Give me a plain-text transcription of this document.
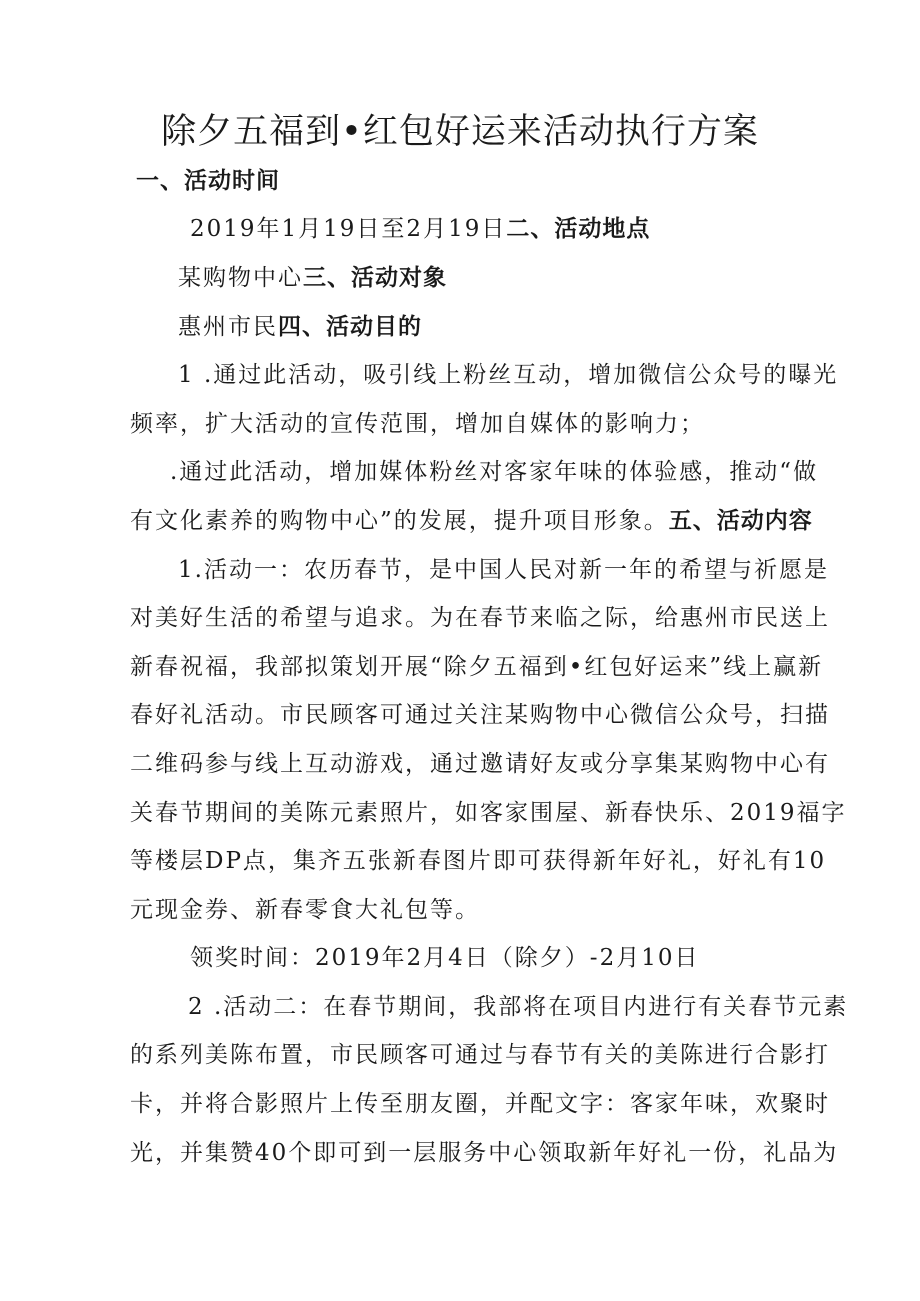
除夕五福到•红包好运来活动执行方案
一、活动时间
2019年1月19日至2月19日二、活动地点
某购物中心三、活动对象
惠州市民四、活动目的
1 .通过此活动，吸引线上粉丝互动，增加微信公众号的曝光
频率，扩大活动的宣传范围，增加自媒体的影响力；
.通过此活动，增加媒体粉丝对客家年味的体验感，推动“做
有文化素养的购物中心”的发展，提升项目形象。五、活动内容
1.活动一：农历春节，是中国人民对新一年的希望与祈愿是
对美好生活的希望与追求。为在春节来临之际，给惠州市民送上
新春祝福，我部拟策划开展“除夕五福到•红包好运来”线上赢新
春好礼活动。市民顾客可通过关注某购物中心微信公众号，扫描
二维码参与线上互动游戏，通过邀请好友或分享集某购物中心有
关春节期间的美陈元素照片，如客家围屋、新春快乐、2019福字
等楼层DP点，集齐五张新春图片即可获得新年好礼，好礼有10
元现金券、新春零食大礼包等。
领奖时间：2019年2月4日（除夕）-2月10日
2 .活动二：在春节期间，我部将在项目内进行有关春节元素
的系列美陈布置，市民顾客可通过与春节有关的美陈进行合影打
卡，并将合影照片上传至朋友圈，并配文字：客家年味，欢聚时
光，并集赞40个即可到一层服务中心领取新年好礼一份，礼品为
